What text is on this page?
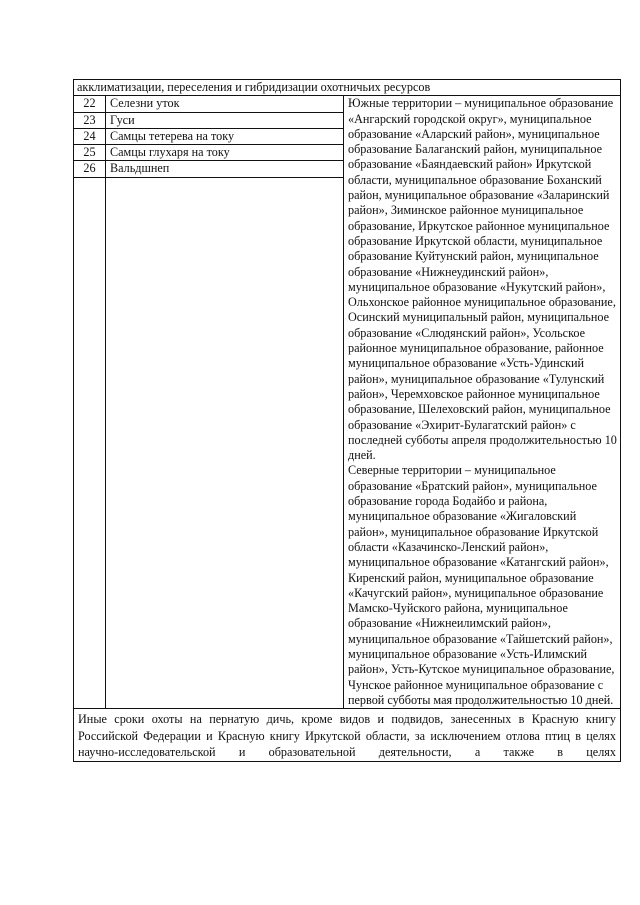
акклиматизации, переселения и гибридизации охотничьих ресурсов		
22	Селезни уток	Южные территории – муниципальное образование «Ангарский городской округ», муниципальное образование «Аларский район», муниципальное образование Балаганский район, муниципальное образование «Баяндаевский район» Иркутской области, муниципальное образование Боханский район, муниципальное образование «Заларинский район», Зиминское районное муниципальное образование, Иркутское районное муниципальное образование Иркутской области, муниципальное образование Куйтунский район, муниципальное образование «Нижнеудинский район», муниципальное образование «Нукутский район», Ольхонское районное муниципальное образование, Осинский муниципальный район, муниципальное образование «Слюдянский район», Усольское районное муниципальное образование, районное муниципальное образование «Усть-Удинский район», муниципальное образование «Тулунский район», Черемховское районное муниципальное образование, Шелеховский район, муниципальное образование «Эхирит-Булагатский район» с последней субботы апреля продолжительностью 10 дней.

Северные территории – муниципальное образование «Братский район», муниципальное образование города Бодайбо и района, муниципальное образование «Жигаловский район», муниципальное образование Иркутской области «Казачинско-Ленский район», муниципальное образование «Катангский район», Киренский район, муниципальное образование «Качугский район», муниципальное образование Мамско-Чуйского района, муниципальное образование «Нижнеилимский район», муниципальное образование «Тайшетский район», муниципальное образование «Усть-Илимский район», Усть-Кутское муниципальное образование, Чунское районное муниципальное образование с первой субботы мая продолжительностью 10 дней.

23	Гуси	
24	Самцы тетерева на току	
25	Самцы глухаря на току	
26	Вальдшнеп	

Иные сроки охоты на пернатую дичь, кроме видов и подвидов, занесенных в Красную книгу Российской Федерации и Красную книгу Иркутской области, за исключением отлова птиц в целях научно-исследовательской и образовательной деятельности, а также в целях		
